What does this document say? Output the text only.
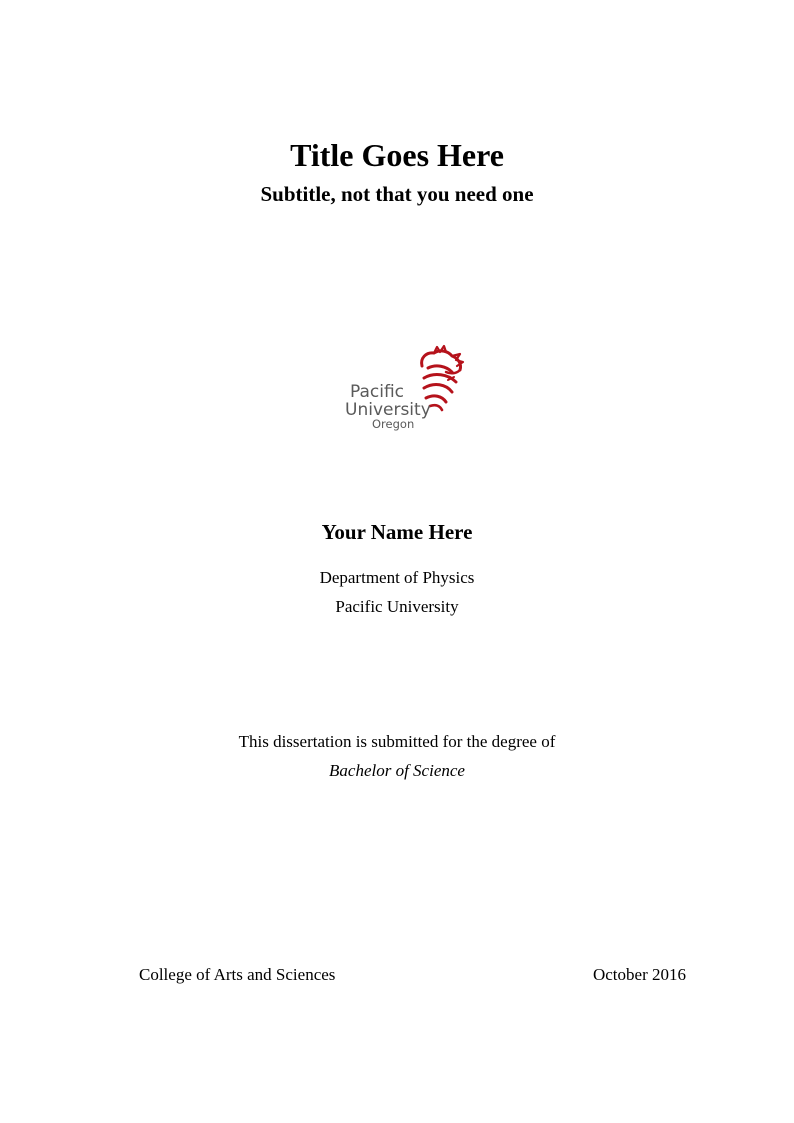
Title Goes Here
Subtitle, not that you need one
Pacific
University
Oregon
Your Name Here
Department of Physics
Pacific University
This dissertation is submitted for the degree of
Bachelor of Science
College of Arts and Sciences	October 2016
